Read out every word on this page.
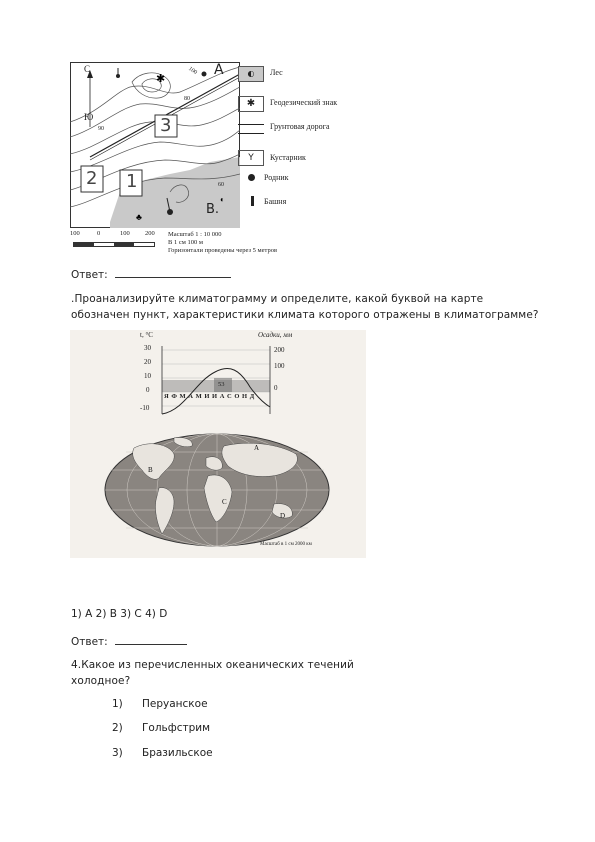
✱
♣
◐
С
Ю
A
B.
1
2
3
100
80
90
60
◐	Лес
✱	Геодезический знак
Грунтовая дорога
Y	Кустарник
Родник
Башня
100	0	100 200 Масштаб 1 : 10 000
В 1 см 100 м
Горизонтали проведены через 5 метров
Ответ:
.Проанализируйте климатограмму и определите, какой буквой на карте
обозначен пункт, характеристики климата которого отражены в климатограмме?
t, °C	Осадки, мм
30
20
10
0
-10
200
100
0
Я Ф М А М И И А С О Н Д
53
A
B
C
D
Масштаб в 1 см 2000 км
1) A 2) B 3) C 4) D
Ответ:
4.Какое из перечисленных океанических течений
холодное?
1)	Перуанское
2)	Гольфстрим
3)	Бразильское
